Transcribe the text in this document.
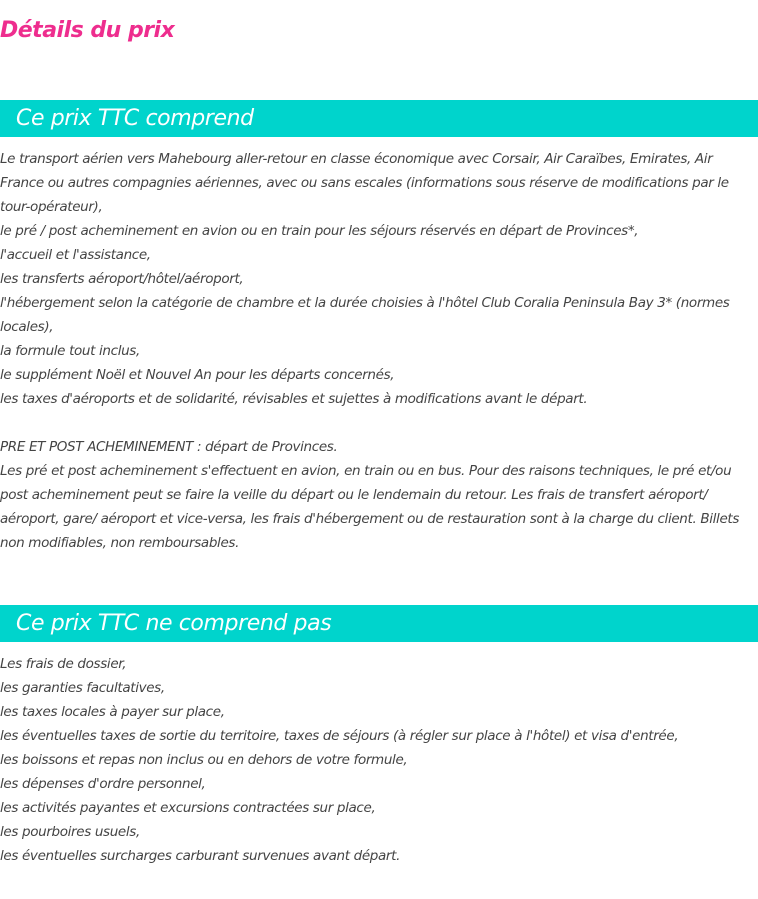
Détails du prix
Ce prix TTC comprend

Le transport aérien vers Mahebourg aller-retour en classe économique avec Corsair, Air Caraïbes, Emirates, Air France ou autres compagnies aériennes, avec ou sans escales (informations sous réserve de modifications par le tour-opérateur),

le pré / post acheminement en avion ou en train pour les séjours réservés en départ de Provinces*,

l'accueil et l'assistance,

les transferts aéroport/hôtel/aéroport,

l'hébergement selon la catégorie de chambre et la durée choisies à l'hôtel Club Coralia Peninsula Bay 3* (normes locales),

la formule tout inclus,

le supplément Noël et Nouvel An pour les départs concernés,

les taxes d'aéroports et de solidarité, révisables et sujettes à modifications avant le départ.

PRE ET POST ACHEMINEMENT : départ de Provinces.

Les pré et post acheminement s'effectuent en avion, en train ou en bus. Pour des raisons techniques, le pré et/ou post acheminement peut se faire la veille du départ ou le lendemain du retour. Les frais de transfert aéroport/ aéroport, gare/ aéroport et vice-versa, les frais d'hébergement ou de restauration sont à la charge du client. Billets non modifiables, non remboursables.

Ce prix TTC ne comprend pas

Les frais de dossier,

les garanties facultatives,

les taxes locales à payer sur place,

les éventuelles taxes de sortie du territoire, taxes de séjours (à régler sur place à l'hôtel) et visa d'entrée,

les boissons et repas non inclus ou en dehors de votre formule,

les dépenses d'ordre personnel,

les activités payantes et excursions contractées sur place,

les pourboires usuels,

les éventuelles surcharges carburant survenues avant départ.
